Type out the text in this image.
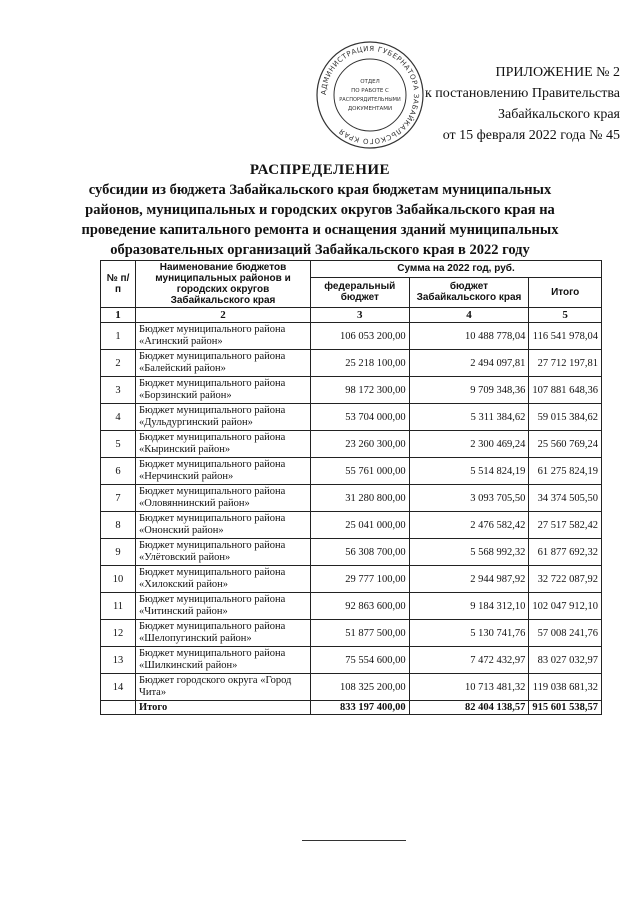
АДМИНИСТРАЦИЯ ГУБЕРНАТОРА ЗАБАЙКАЛЬСКОГО КРАЯ
ОТДЕЛ
ПО РАБОТЕ С
РАСПОРЯДИТЕЛЬНЫМИ
ДОКУМЕНТАМИ
ПРИЛОЖЕНИЕ № 2
к постановлению Правительства
Забайкальского края
от 15 февраля 2022 года № 45
РАСПРЕДЕЛЕНИЕ
субсидии из бюджета Забайкальского края бюджетам муниципальных
районов, муниципальных и городских округов Забайкальского края на
проведение капитального ремонта и оснащения зданий муниципальных
образовательных организаций Забайкальского края в 2022 году
№ п/п	Наименование бюджетов муниципальных районов и городских округов Забайкальского края	Сумма на 2022 год, руб.		
		федеральный бюджет	бюджет Забайкальского края	Итого
1	2	3	4	5
1	Бюджет муниципального района «Агинский район»	106 053 200,00	10 488 778,04	116 541 978,04
2	Бюджет муниципального района «Балейский район»	25 218 100,00	2 494 097,81	27 712 197,81
3	Бюджет муниципального района «Борзинский район»	98 172 300,00	9 709 348,36	107 881 648,36
4	Бюджет муниципального района «Дульдургинский район»	53 704 000,00	5 311 384,62	59 015 384,62
5	Бюджет муниципального района «Кыринский район»	23 260 300,00	2 300 469,24	25 560 769,24
6	Бюджет муниципального района «Нерчинский район»	55 761 000,00	5 514 824,19	61 275 824,19
7	Бюджет муниципального района «Оловяннинский район»	31 280 800,00	3 093 705,50	34 374 505,50
8	Бюджет муниципального района «Ононский район»	25 041 000,00	2 476 582,42	27 517 582,42
9	Бюджет муниципального района «Улётовский район»	56 308 700,00	5 568 992,32	61 877 692,32
10	Бюджет муниципального района «Хилокский район»	29 777 100,00	2 944 987,92	32 722 087,92
11	Бюджет муниципального района «Читинский район»	92 863 600,00	9 184 312,10	102 047 912,10
12	Бюджет муниципального района «Шелопугинский район»	51 877 500,00	5 130 741,76	57 008 241,76
13	Бюджет муниципального района «Шилкинский район»	75 554 600,00	7 472 432,97	83 027 032,97
14	Бюджет городского округа «Город Чита»	108 325 200,00	10 713 481,32	119 038 681,32
	Итого	833 197 400,00	82 404 138,57	915 601 538,57
